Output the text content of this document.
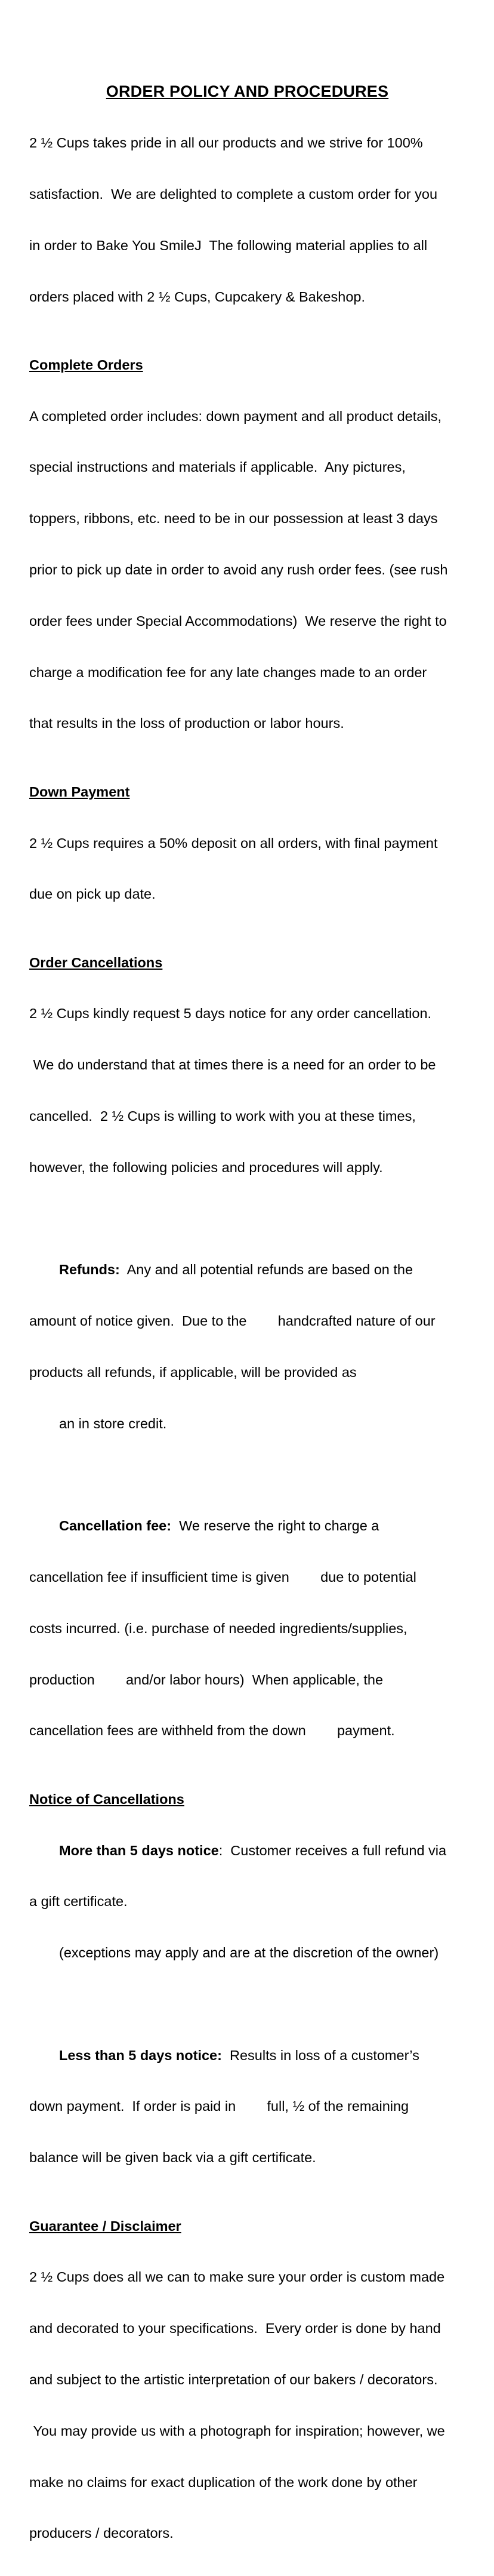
ORDER POLICY AND PROCEDURES

2 ½ Cups takes pride in all our products and we strive for 100%

satisfaction.  We are delighted to complete a custom order for you

in order to Bake You SmileJ  The following material applies to all

orders placed with 2 ½ Cups, Cupcakery & Bakeshop.

Complete Orders

A completed order includes: down payment and all product details,

special instructions and materials if applicable.  Any pictures,

toppers, ribbons, etc. need to be in our possession at least 3 days

prior to pick up date in order to avoid any rush order fees. (see rush

order fees under Special Accommodations)  We reserve the right to

charge a modification fee for any late changes made to an order

that results in the loss of production or labor hours.

Down Payment

2 ½ Cups requires a 50% deposit on all orders, with final payment

due on pick up date.

Order Cancellations

2 ½ Cups kindly request 5 days notice for any order cancellation.

We do understand that at times there is a need for an order to be

cancelled.  2 ½ Cups is willing to work with you at these times,

however, the following policies and procedures will apply.

Refunds:  Any and all potential refunds are based on the

amount of notice given.  Due to the        handcrafted nature of our

products all refunds, if applicable, will be provided as

an in store credit.

Cancellation fee:  We reserve the right to charge a

cancellation fee if insufficient time is given        due to potential

costs incurred. (i.e. purchase of needed ingredients/supplies,

production        and/or labor hours)  When applicable, the

cancellation fees are withheld from the down        payment.

Notice of Cancellations

More than 5 days notice:  Customer receives a full refund via

a gift certificate.

(exceptions may apply and are at the discretion of the owner)

Less than 5 days notice:  Results in loss of a customer’s

down payment.  If order is paid in        full, ½ of the remaining

balance will be given back via a gift certificate.

Guarantee / Disclaimer

2 ½ Cups does all we can to make sure your order is custom made

and decorated to your specifications.  Every order is done by hand

and subject to the artistic interpretation of our bakers / decorators.

You may provide us with a photograph for inspiration; however, we

make no claims for exact duplication of the work done by other

producers / decorators.
